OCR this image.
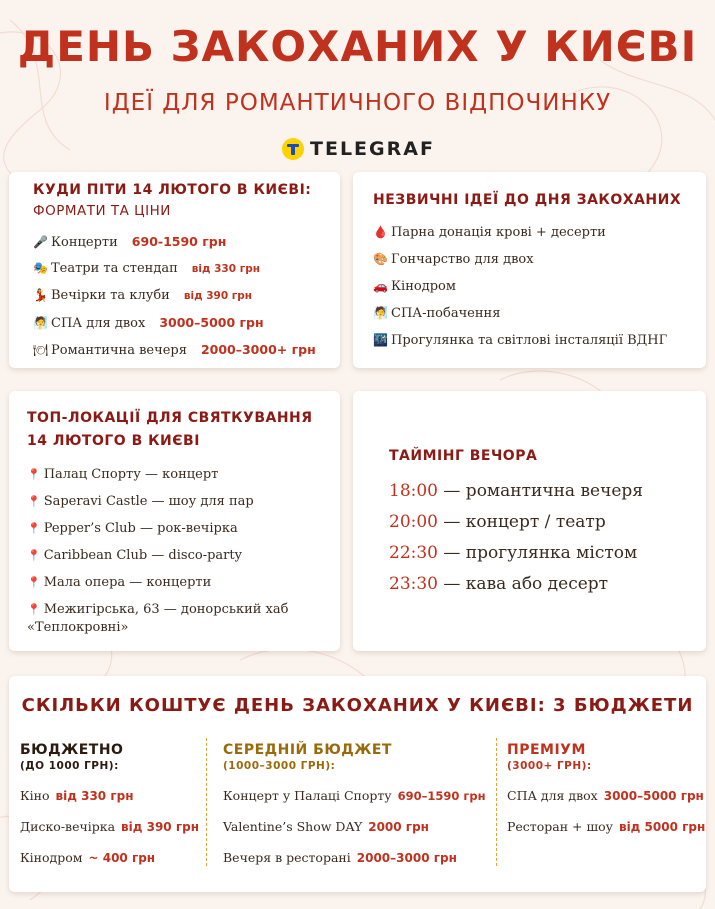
ДЕНЬ ЗАКОХАНИХ У КИЄВІ
ІДЕЇ ДЛЯ РОМАНТИЧНОГО ВІДПОЧИНКУ
TELEGRAF
КУДИ ПІТИ 14 ЛЮТОГО В КИЄВІ:
ФОРМАТИ ТА ЦІНИ
🎤 Концерти 690-1590 грн
🎭 Театри та стендап від 330 грн
💃 Вечірки та клуби від 390 грн
🧖 СПА для двох 3000–5000 грн
🍽 Романтична вечеря 2000–3000+ грн
НЕЗВИЧНІ ІДЕЇ ДО ДНЯ ЗАКОХАНИХ
🩸 Парна донація крові + десерти
🎨 Гончарство для двох
🚗 Кінодром
🧖 СПА-побачення
🌃 Прогулянка та світлові інсталяції ВДНГ
ТОП-ЛОКАЦІЇ ДЛЯ СВЯТКУВАННЯ
14 ЛЮТОГО В КИЄВІ
📍 Палац Спорту — концерт
📍 Saperavi Castle — шоу для пар
📍 Pepper’s Club — рок-вечірка
📍 Caribbean Club — disco-party
📍 Мала опера — концерти
📍 Межигірська, 63 — донорський хаб «Теплокровні»
ТАЙМІНГ ВЕЧОРА
18:00 — романтична вечеря
20:00 — концерт / театр
22:30 — прогулянка містом
23:30 — кава або десерт
СКІЛЬКИ КОШТУЄ ДЕНЬ ЗАКОХАНИХ У КИЄВІ: 3 БЮДЖЕТИ
БЮДЖЕТНО
(ДО 1000 ГРН):
Кіно від 330 грн
Диско-вечірка від 390 грн
Кінодром ~ 400 грн
СЕРЕДНІЙ БЮДЖЕТ
(1000–3000 ГРН):
Концерт у Палаці Спорту 690–1590 грн
Valentine’s Show DAY 2000 грн
Вечеря в ресторані 2000–3000 грн
ПРЕМІУМ
(3000+ ГРН):
СПА для двох 3000–5000 грн
Ресторан + шоу від 5000 грн
